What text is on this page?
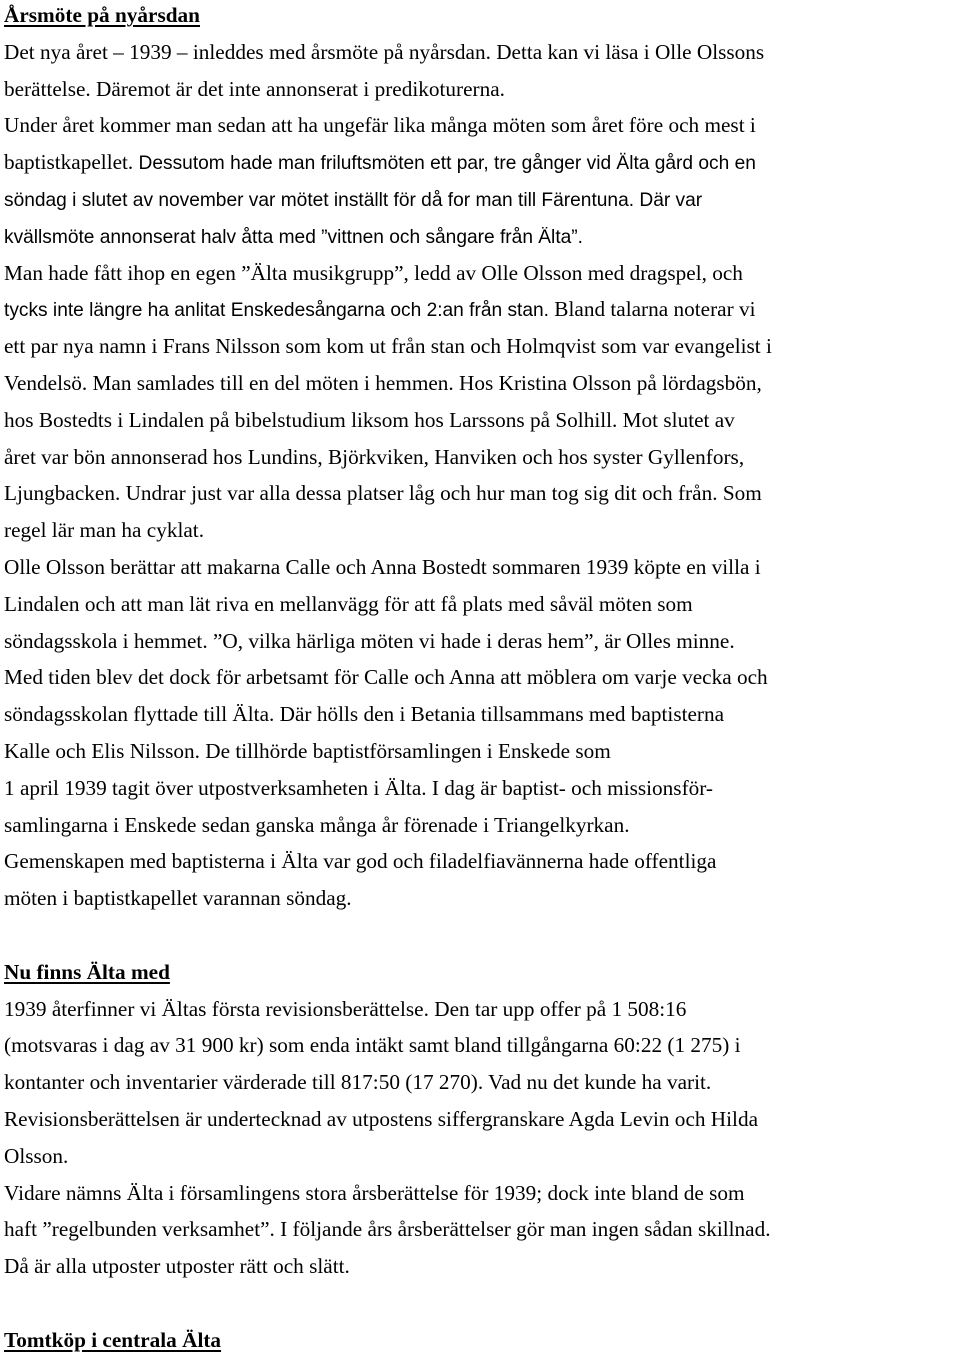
Årsmöte på nyårsdan
Det nya året – 1939 – inleddes med årsmöte på nyårsdan. Detta kan vi läsa i Olle Olssons
berättelse. Däremot är det inte annonserat i predikoturerna.
Under året kommer man sedan att ha ungefär lika många möten som året före och mest i
baptistkapellet. Dessutom hade man friluftsmöten ett par, tre gånger vid Älta gård och en
söndag i slutet av november var mötet inställt för då for man till Färentuna. Där var
kvällsmöte annonserat halv åtta med ”vittnen och sångare från Älta”.
Man hade fått ihop en egen ”Älta musikgrupp”, ledd av Olle Olsson med dragspel, och
tycks inte längre ha anlitat Enskedesångarna och 2:an från stan. Bland talarna noterar vi
ett par nya namn i Frans Nilsson som kom ut från stan och Holmqvist som var evangelist i
Vendelsö. Man samlades till en del möten i hemmen. Hos Kristina Olsson på lördagsbön,
hos Bostedts i Lindalen på bibelstudium liksom hos Larssons på Solhill. Mot slutet av
året var bön annonserad hos Lundins, Björkviken, Hanviken och hos syster Gyllenfors,
Ljungbacken. Undrar just var alla dessa platser låg och hur man tog sig dit och från. Som
regel lär man ha cyklat.
Olle Olsson berättar att makarna Calle och Anna Bostedt sommaren 1939 köpte en villa i
Lindalen och att man lät riva en mellanvägg för att få plats med såväl möten som
söndagsskola i hemmet. ”O, vilka härliga möten vi hade i deras hem”, är Olles minne.
Med tiden blev det dock för arbetsamt för Calle och Anna att möblera om varje vecka och
söndagsskolan flyttade till Älta. Där hölls den i Betania tillsammans med baptisterna
Kalle och Elis Nilsson. De tillhörde baptistförsamlingen i Enskede som
1 april 1939 tagit över utpostverksamheten i Älta. I dag är baptist- och missionsför-
samlingarna i Enskede sedan ganska många år förenade i Triangelkyrkan.
Gemenskapen med baptisterna i Älta var god och filadelfiavännerna hade offentliga
möten i baptistkapellet varannan söndag.
Nu finns Älta med
1939 återfinner vi Ältas första revisionsberättelse. Den tar upp offer på 1 508:16
(motsvaras i dag av 31 900 kr) som enda intäkt samt bland tillgångarna 60:22 (1 275) i
kontanter och inventarier värderade till 817:50 (17 270). Vad nu det kunde ha varit.
Revisionsberättelsen är undertecknad av utpostens siffergranskare Agda Levin och Hilda
Olsson.
Vidare nämns Älta i församlingens stora årsberättelse för 1939; dock inte bland de som
haft ”regelbunden verksamhet”. I följande års årsberättelser gör man ingen sådan skillnad.
Då är alla utposter utposter rätt och slätt.
Tomtköp i centrala Älta
